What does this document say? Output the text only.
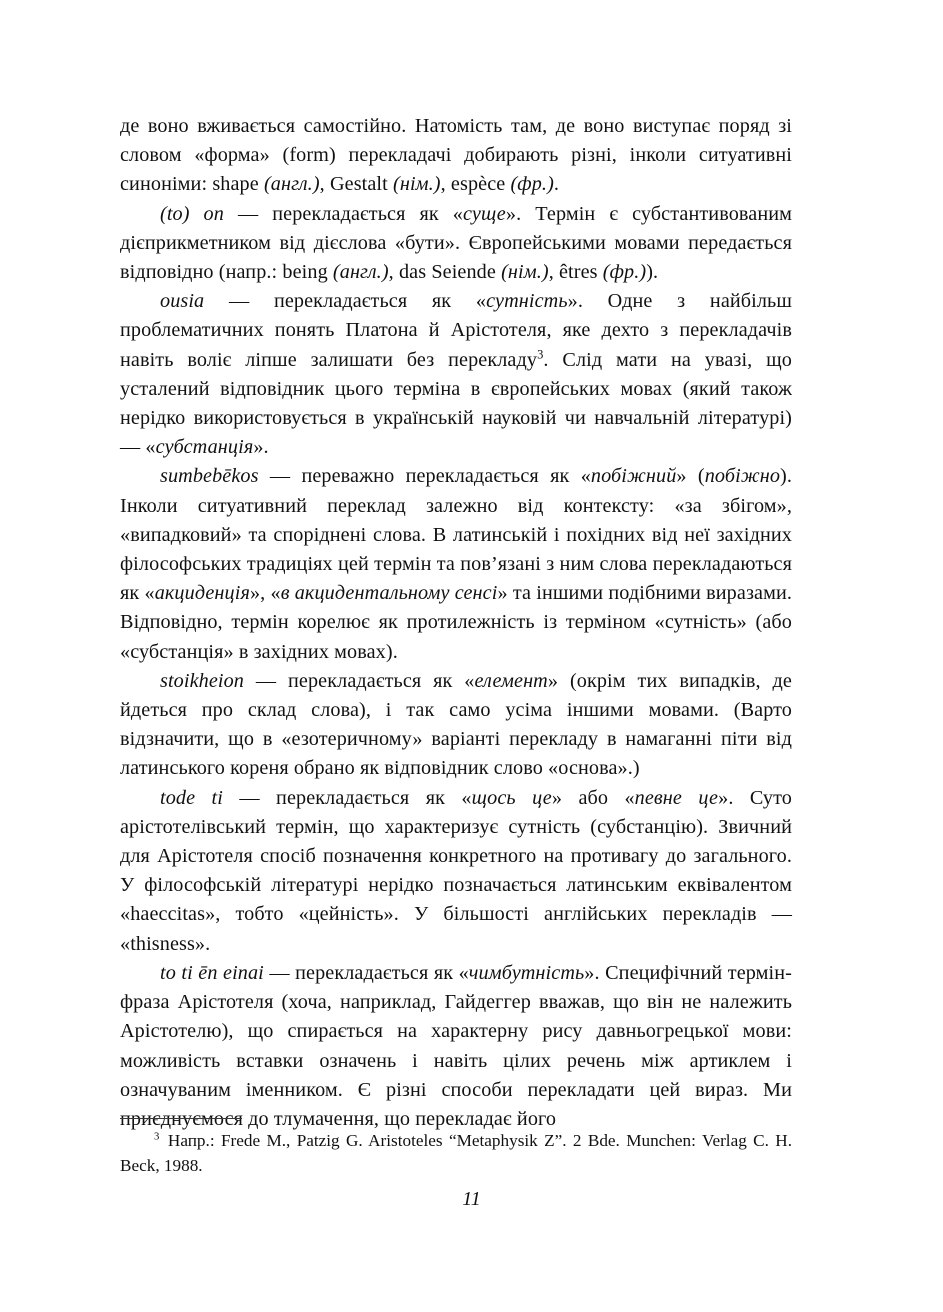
де воно вживається самостійно. Натомість там, де воно виступає поряд зі словом «форма» (form) перекладачі добирають різні, інколи ситуативні синоніми: shape (англ.), Gestalt (нім.), espèce (фр.).

(to) on — перекладається як «суще». Термін є субстантивованим дієприкметником від дієслова «бути». Європейськими мовами передається відповідно (напр.: being (англ.), das Seiende (нім.), êtres (фр.)).

ousia — перекладається як «сутність». Одне з найбільш проблематичних понять Платона й Арістотеля, яке дехто з перекладачів навіть воліє ліпше залишати без перекладу$^3$. Слід мати на увазі, що усталений відповідник цього терміна в європейських мовах (який також нерідко використовується в українській науковій чи навчальній літературі) — «субстанція».

sumbebēkos — переважно перекладається як «побіжний» (побіжно). Інколи ситуативний переклад залежно від контексту: «за збігом», «випадковий» та споріднені слова. В латинській і похідних від неї західних філософських традиціях цей термін та пов’язані з ним слова перекладаються як «акциденція», «в акцидентальному сенсі» та іншими подібними виразами. Відповідно, термін корелює як протилежність із терміном «сутність» (або «субстанція» в західних мовах).

stoikheion — перекладається як «елемент» (окрім тих випадків, де йдеться про склад слова), і так само усіма іншими мовами. (Варто відзначити, що в «езотеричному» варіанті перекладу в намаганні піти від латинського кореня обрано як відповідник слово «основа».)

tode ti — перекладається як «щось це» або «певне це». Суто арістотелівський термін, що характеризує сутність (субстанцію). Звичний для Арістотеля спосіб позначення конкретного на противагу до загального. У філософській літературі нерідко позначається латинським еквівалентом «haeccitas», тобто «цейність». У більшості англійських перекладів — «thisness».

to ti ēn einai — перекладається як «чимбутність». Специфічний термін-фраза Арістотеля (хоча, наприклад, Гайдеггер вважав, що він не належить Арістотелю), що спирається на характерну рису давньогрецької мови: можливість вставки означень і навіть цілих речень між артиклем і означуваним іменником. Є різні способи перекладати цей вираз. Ми приєднуємося до тлумачення, що перекладає його

$^3$ Напр.: Frede M., Patzig G. Aristoteles “Metaphysik Z”. 2 Bde. Munchen: Verlag C. H. Beck, 1988.

11
